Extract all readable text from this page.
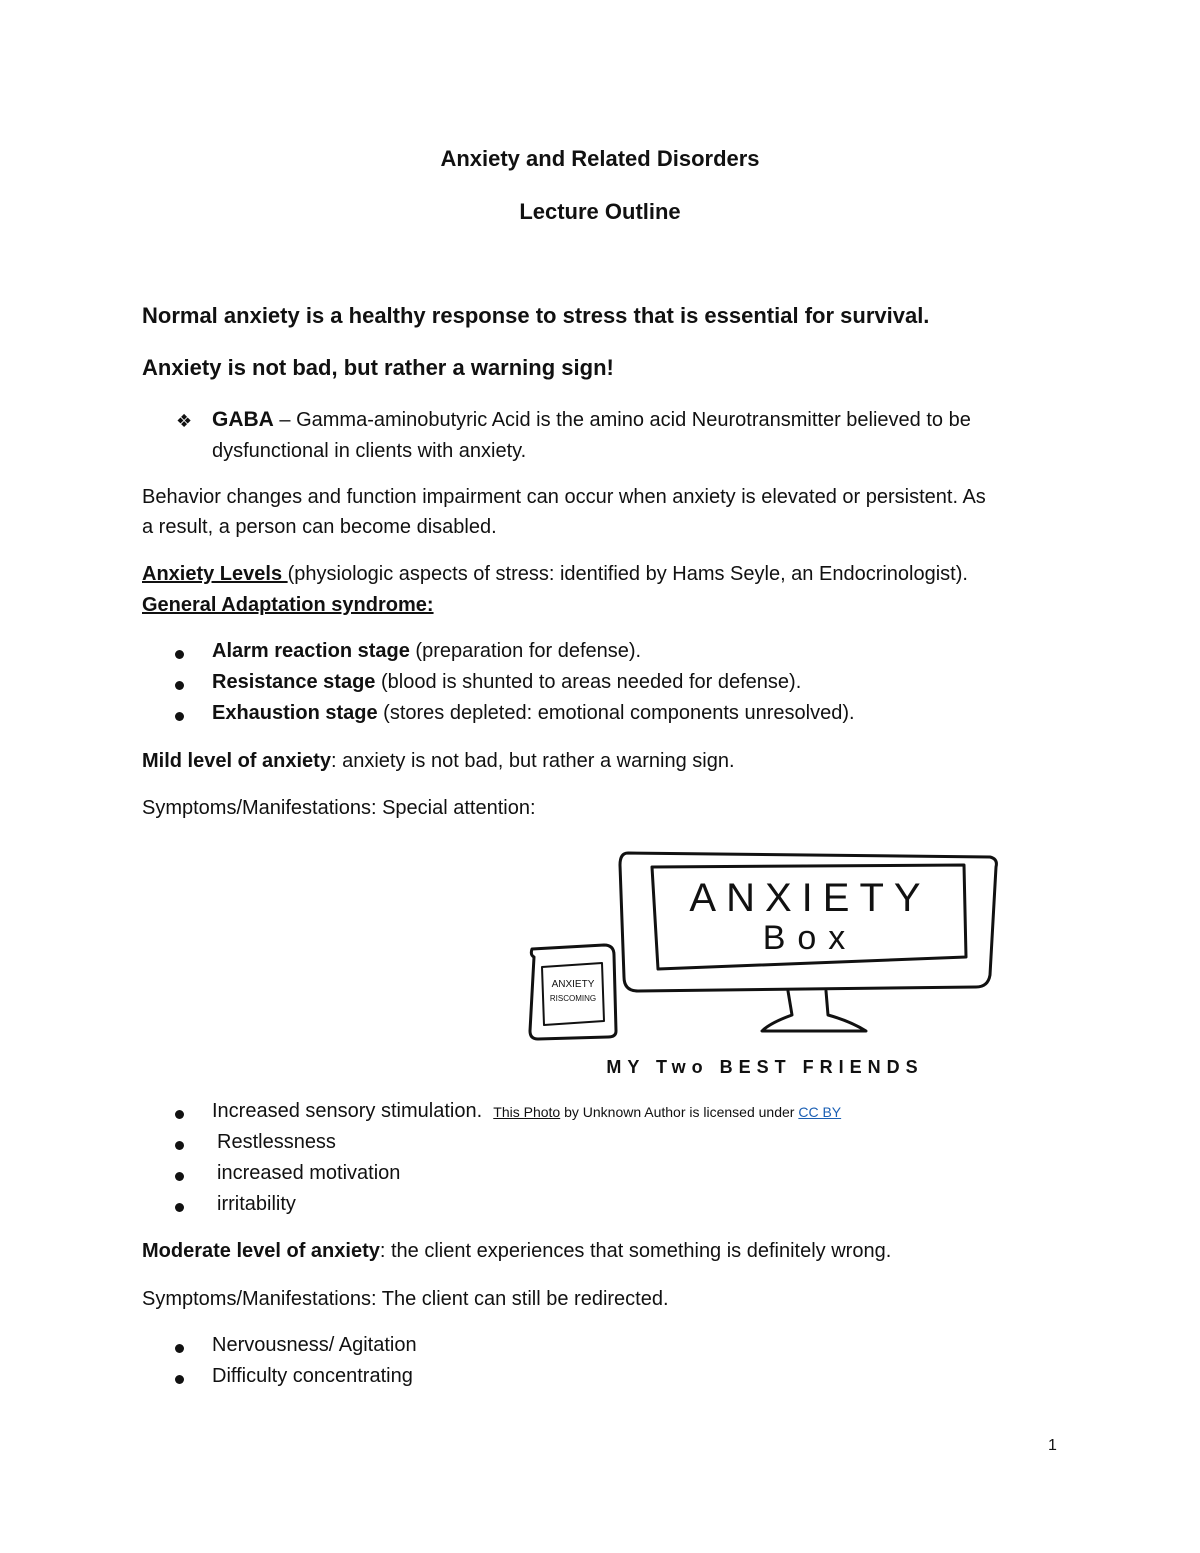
Anxiety and Related Disorders
Lecture Outline
Normal anxiety is a healthy response to stress that is essential for survival.
Anxiety is not bad, but rather a warning sign!
❖ GABA – Gamma-aminobutyric Acid is the amino acid Neurotransmitter believed to be
dysfunctional in clients with anxiety.
Behavior changes and function impairment can occur when anxiety is elevated or persistent. As
a result, a person can become disabled.
Anxiety Levels (physiologic aspects of stress: identified by Hams Seyle, an Endocrinologist).
General Adaptation syndrome:
Alarm reaction stage (preparation for defense).
Resistance stage (blood is shunted to areas needed for defense).
Exhaustion stage (stores depleted: emotional components unresolved).
Mild level of anxiety: anxiety is not bad, but rather a warning sign.
Symptoms/Manifestations: Special attention:
ANXIETY
Box
ANXIETY
RISCOMING
MY Two BEST FRIENDS
Increased sensory stimulation. This Photo by Unknown Author is licensed under CC BY
Restlessness
increased motivation
irritability
Moderate level of anxiety: the client experiences that something is definitely wrong.
Symptoms/Manifestations: The client can still be redirected.
Nervousness/ Agitation
Difficulty concentrating
1
